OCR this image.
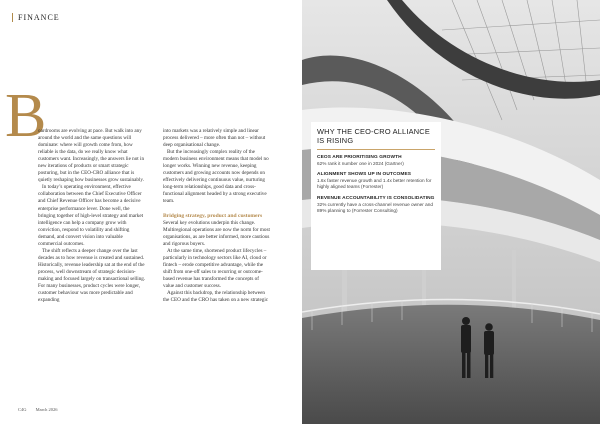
FINANCE
B

oardrooms are evolving at pace. But walk into any around the world and the same questions will dominate: where will growth come from, how reliable is the data, do we really know what customers want. Increasingly, the answers lie not in new iterations of products or smart strategic posturing, but in the CEO-CRO alliance that is quietly reshaping how businesses grow sustainably.

In today’s operating environment, effective collaboration between the Chief Executive Officer and Chief Revenue Officer has become a decisive enterprise performance lever. Done well, the bringing together of high-level strategy and market intelligence can help a company grow with conviction, respond to volatility and shifting demand, and convert vision into valuable commercial outcomes.

The shift reflects a deeper change over the last decades as to how revenue is created and sustained. Historically, revenue leadership sat at the end of the process, well downstream of strategic decision-making and focused largely on transactional selling. For many businesses, product cycles were longer, customer behaviour was more predictable and expanding

into markets was a relatively simple and linear process delivered – more often than not – without deep organisational change.

But the increasingly complex reality of the modern business environment means that model no longer works. Winning new revenue, keeping customers and growing accounts now depends on effectively delivering continuous value, nurturing long-term relationships, good data and cross-functional alignment headed by a strong executive team.

Bridging strategy, product and customers

Several key evolutions underpin this change. Multiregional operations are now the norm for most organisations, as are better informed, more cautious and rigorous buyers.

At the same time, shortened product lifecycles – particularly in technology sectors like AI, cloud or fintech – erode competitive advantage, while the shift from one-off sales to recurring or outcome-based revenue has transformed the concepts of value and customer success.

Against this backdrop, the relationship between the CEO and the CRO has taken on a new strategic

C4G March 2026
WHY THE CEO-CRO ALLIANCE IS RISING
CEOS ARE PRIORITISING GROWTH
62% rank it number one in 2024 (Gartner)
ALIGNMENT SHOWS UP IN OUTCOMES
1.6x faster revenue growth and 1.4x better retention for highly aligned teams (Forrester)
REVENUE ACCOUNTABILITY IS CONSOLIDATING
32% currently have a cross-channel revenue owner and 89% planning to (Forrester Consulting)
